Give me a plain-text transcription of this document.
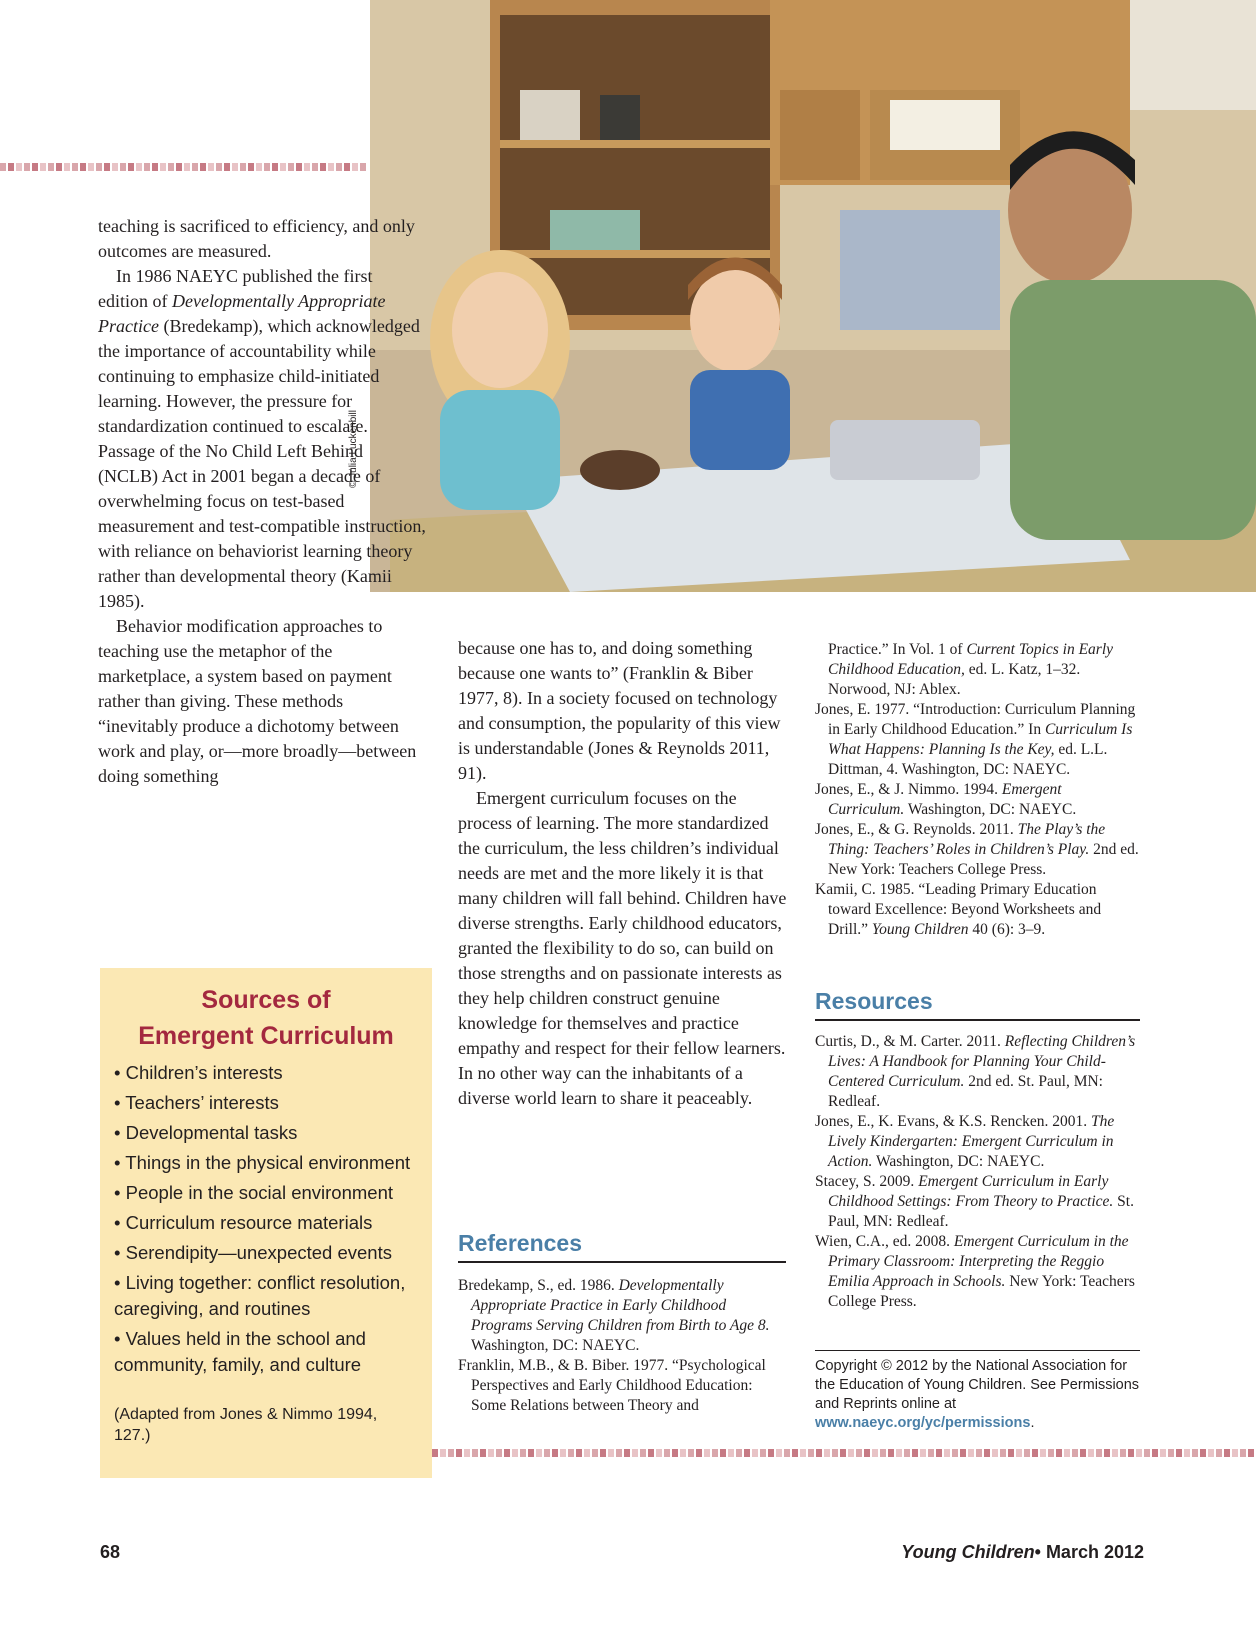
© Julia Luckenbill

teaching is sacrificed to efficiency, and only outcomes are measured.

In 1986 NAEYC published the first edition of Developmentally Appropriate Practice (Bredekamp), which acknowledged the importance of accountability while continuing to emphasize child-initiated learning. However, the pressure for standardization continued to escalate. Passage of the No Child Left Behind (NCLB) Act in 2001 began a decade of overwhelming focus on test-based measurement and test-compatible instruction, with reliance on behaviorist learning theory rather than developmental theory (Kamii 1985).

Behavior modification approaches to teaching use the metaphor of the marketplace, a system based on payment rather than giving. These methods “inevitably produce a dichotomy between work and play, or—more broadly—between doing something

Sources of
Emergent Curriculum
• Children’s interests
• Teachers’ interests
• Developmental tasks
• Things in the physical environment
• People in the social environment
• Curriculum resource materials
• Serendipity—unexpected events
• Living together: conflict resolution, caregiving, and routines
• Values held in the school and community, family, and culture
(Adapted from Jones & Nimmo 1994, 127.)

because one has to, and doing something because one wants to” (Franklin & Biber 1977, 8). In a society focused on technology and consumption, the popularity of this view is understandable (Jones & Reynolds 2011, 91).

Emergent curriculum focuses on the process of learning. The more standardized the curriculum, the less children’s individual needs are met and the more likely it is that many children will fall behind. Children have diverse strengths. Early childhood educators, granted the flexibility to do so, can build on those strengths and on passionate interests as they help children construct genuine knowledge for themselves and practice empathy and respect for their fellow learners. In no other way can the inhabitants of a diverse world learn to share it peaceably.

References
Bredekamp, S., ed. 1986. Developmentally Appropriate Practice in Early Childhood Programs Serving Children from Birth to Age 8. Washington, DC: NAEYC.
Franklin, M.B., & B. Biber. 1977. “Psychological Perspectives and Early Childhood Education: Some Relations between Theory and
Practice.” In Vol. 1 of Current Topics in Early Childhood Education, ed. L. Katz, 1–32. Norwood, NJ: Ablex.
Jones, E. 1977. “Introduction: Curriculum Planning in Early Childhood Education.” In Curriculum Is What Happens: Planning Is the Key, ed. L.L. Dittman, 4. Washington, DC: NAEYC.
Jones, E., & J. Nimmo. 1994. Emergent Curriculum. Washington, DC: NAEYC.
Jones, E., & G. Reynolds. 2011. The Play’s the Thing: Teachers’ Roles in Children’s Play. 2nd ed. New York: Teachers College Press.
Kamii, C. 1985. “Leading Primary Education toward Excellence: Beyond Worksheets and Drill.” Young Children 40 (6): 3–9.
Resources
Curtis, D., & M. Carter. 2011. Reflecting Children’s Lives: A Handbook for Planning Your Child-Centered Curriculum. 2nd ed. St. Paul, MN: Redleaf.
Jones, E., K. Evans, & K.S. Rencken. 2001. The Lively Kindergarten: Emergent Curriculum in Action. Washington, DC: NAEYC.
Stacey, S. 2009. Emergent Curriculum in Early Childhood Settings: From Theory to Practice. St. Paul, MN: Redleaf.
Wien, C.A., ed. 2008. Emergent Curriculum in the Primary Classroom: Interpreting the Reggio Emilia Approach in Schools. New York: Teachers College Press.
Copyright © 2012 by the National Association for the Education of Young Children. See Permissions and Reprints online at www.naeyc.org/yc/permissions.
68	Young Children• March 2012
